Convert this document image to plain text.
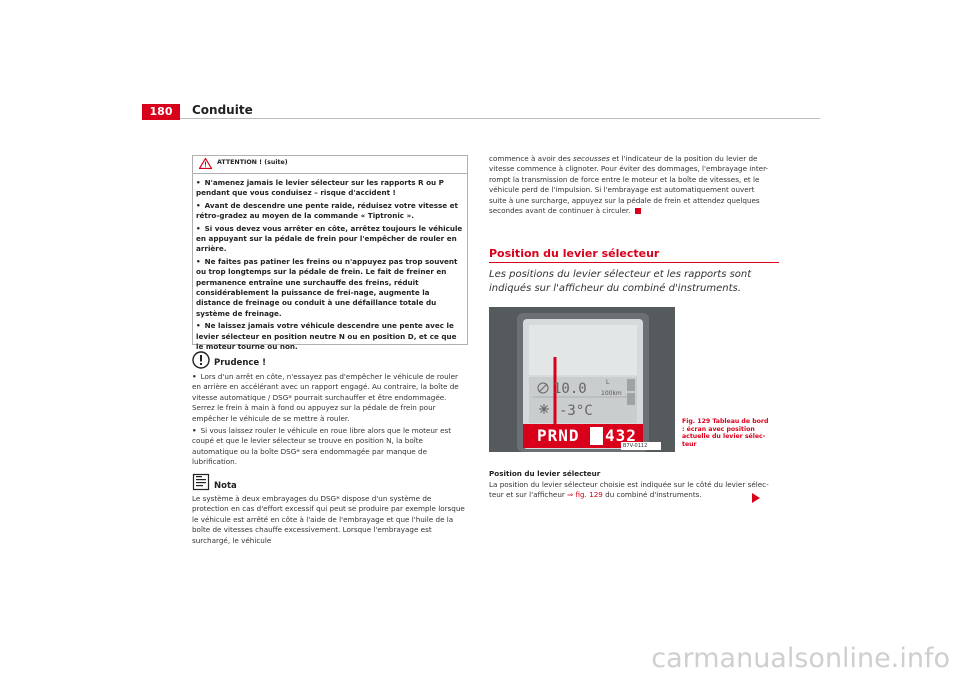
180	Conduite
ATTENTION ! (suite)

• N'amenez jamais le levier sélecteur sur les rapports R ou P pendant que vous conduisez – risque d'accident !

• Avant de descendre une pente raide, réduisez votre vitesse et rétro-gradez au moyen de la commande « Tiptronic ».

• Si vous devez vous arrêter en côte, arrêtez toujours le véhicule en appuyant sur la pédale de frein pour l'empêcher de rouler en arrière.

• Ne faites pas patiner les freins ou n'appuyez pas trop souvent ou trop longtemps sur la pédale de frein. Le fait de freiner en permanence entraîne une surchauffe des freins, réduit considérablement la puissance de frei-nage, augmente la distance de freinage ou conduit à une défaillance totale du système de freinage.

• Ne laissez jamais votre véhicule descendre une pente avec le levier sélecteur en position neutre N ou en position D, et ce que le moteur tourne ou non.

Prudence !

• Lors d'un arrêt en côte, n'essayez pas d'empêcher le véhicule de rouler en arrière en accélérant avec un rapport engagé. Au contraire, la boîte de vitesse automatique / DSG* pourrait surchauffer et être endommagée. Serrez le frein à main à fond ou appuyez sur la pédale de frein pour empêcher le véhicule de se mettre à rouler.

• Si vous laissez rouler le véhicule en roue libre alors que le moteur est coupé et que le levier sélecteur se trouve en position N, la boîte automatique ou la boîte DSG* sera endommagée par manque de lubrification.

Nota

Le système à deux embrayages du DSG* dispose d'un système de protection en cas d'effort excessif qui peut se produire par exemple lorsque le véhicule est arrêté en côte à l'aide de l'embrayage et que l'huile de la boîte de vitesses chauffe excessivement. Lorsque l'embrayage est surchargé, le véhicule

commence à avoir des secousses et l'indicateur de la position du levier de vitesse commence à clignoter. Pour éviter des dommages, l'embrayage inter-rompt la transmission de force entre le moteur et la boîte de vitesses, et le véhicule perd de l'impulsion. Si l'embrayage est automatiquement ouvert suite à une surcharge, appuyez sur la pédale de frein et attendez quelques secondes avant de continuer à circuler.

Position du levier sélecteur
Les positions du levier sélecteur et les rapports sont indiqués sur l'afficheur du combiné d'instruments.
10.0	L
100km
-3°C
PRND 432
B7V-0112
Fig. 129 Tableau de bord : écran avec position actuelle du levier sélec-teur
Position du levier sélecteur
La position du levier sélecteur choisie est indiquée sur le côté du levier sélec-teur et sur l'afficheur ⇒ fig. 129 du combiné d'instruments.
carmanualsonline.info
